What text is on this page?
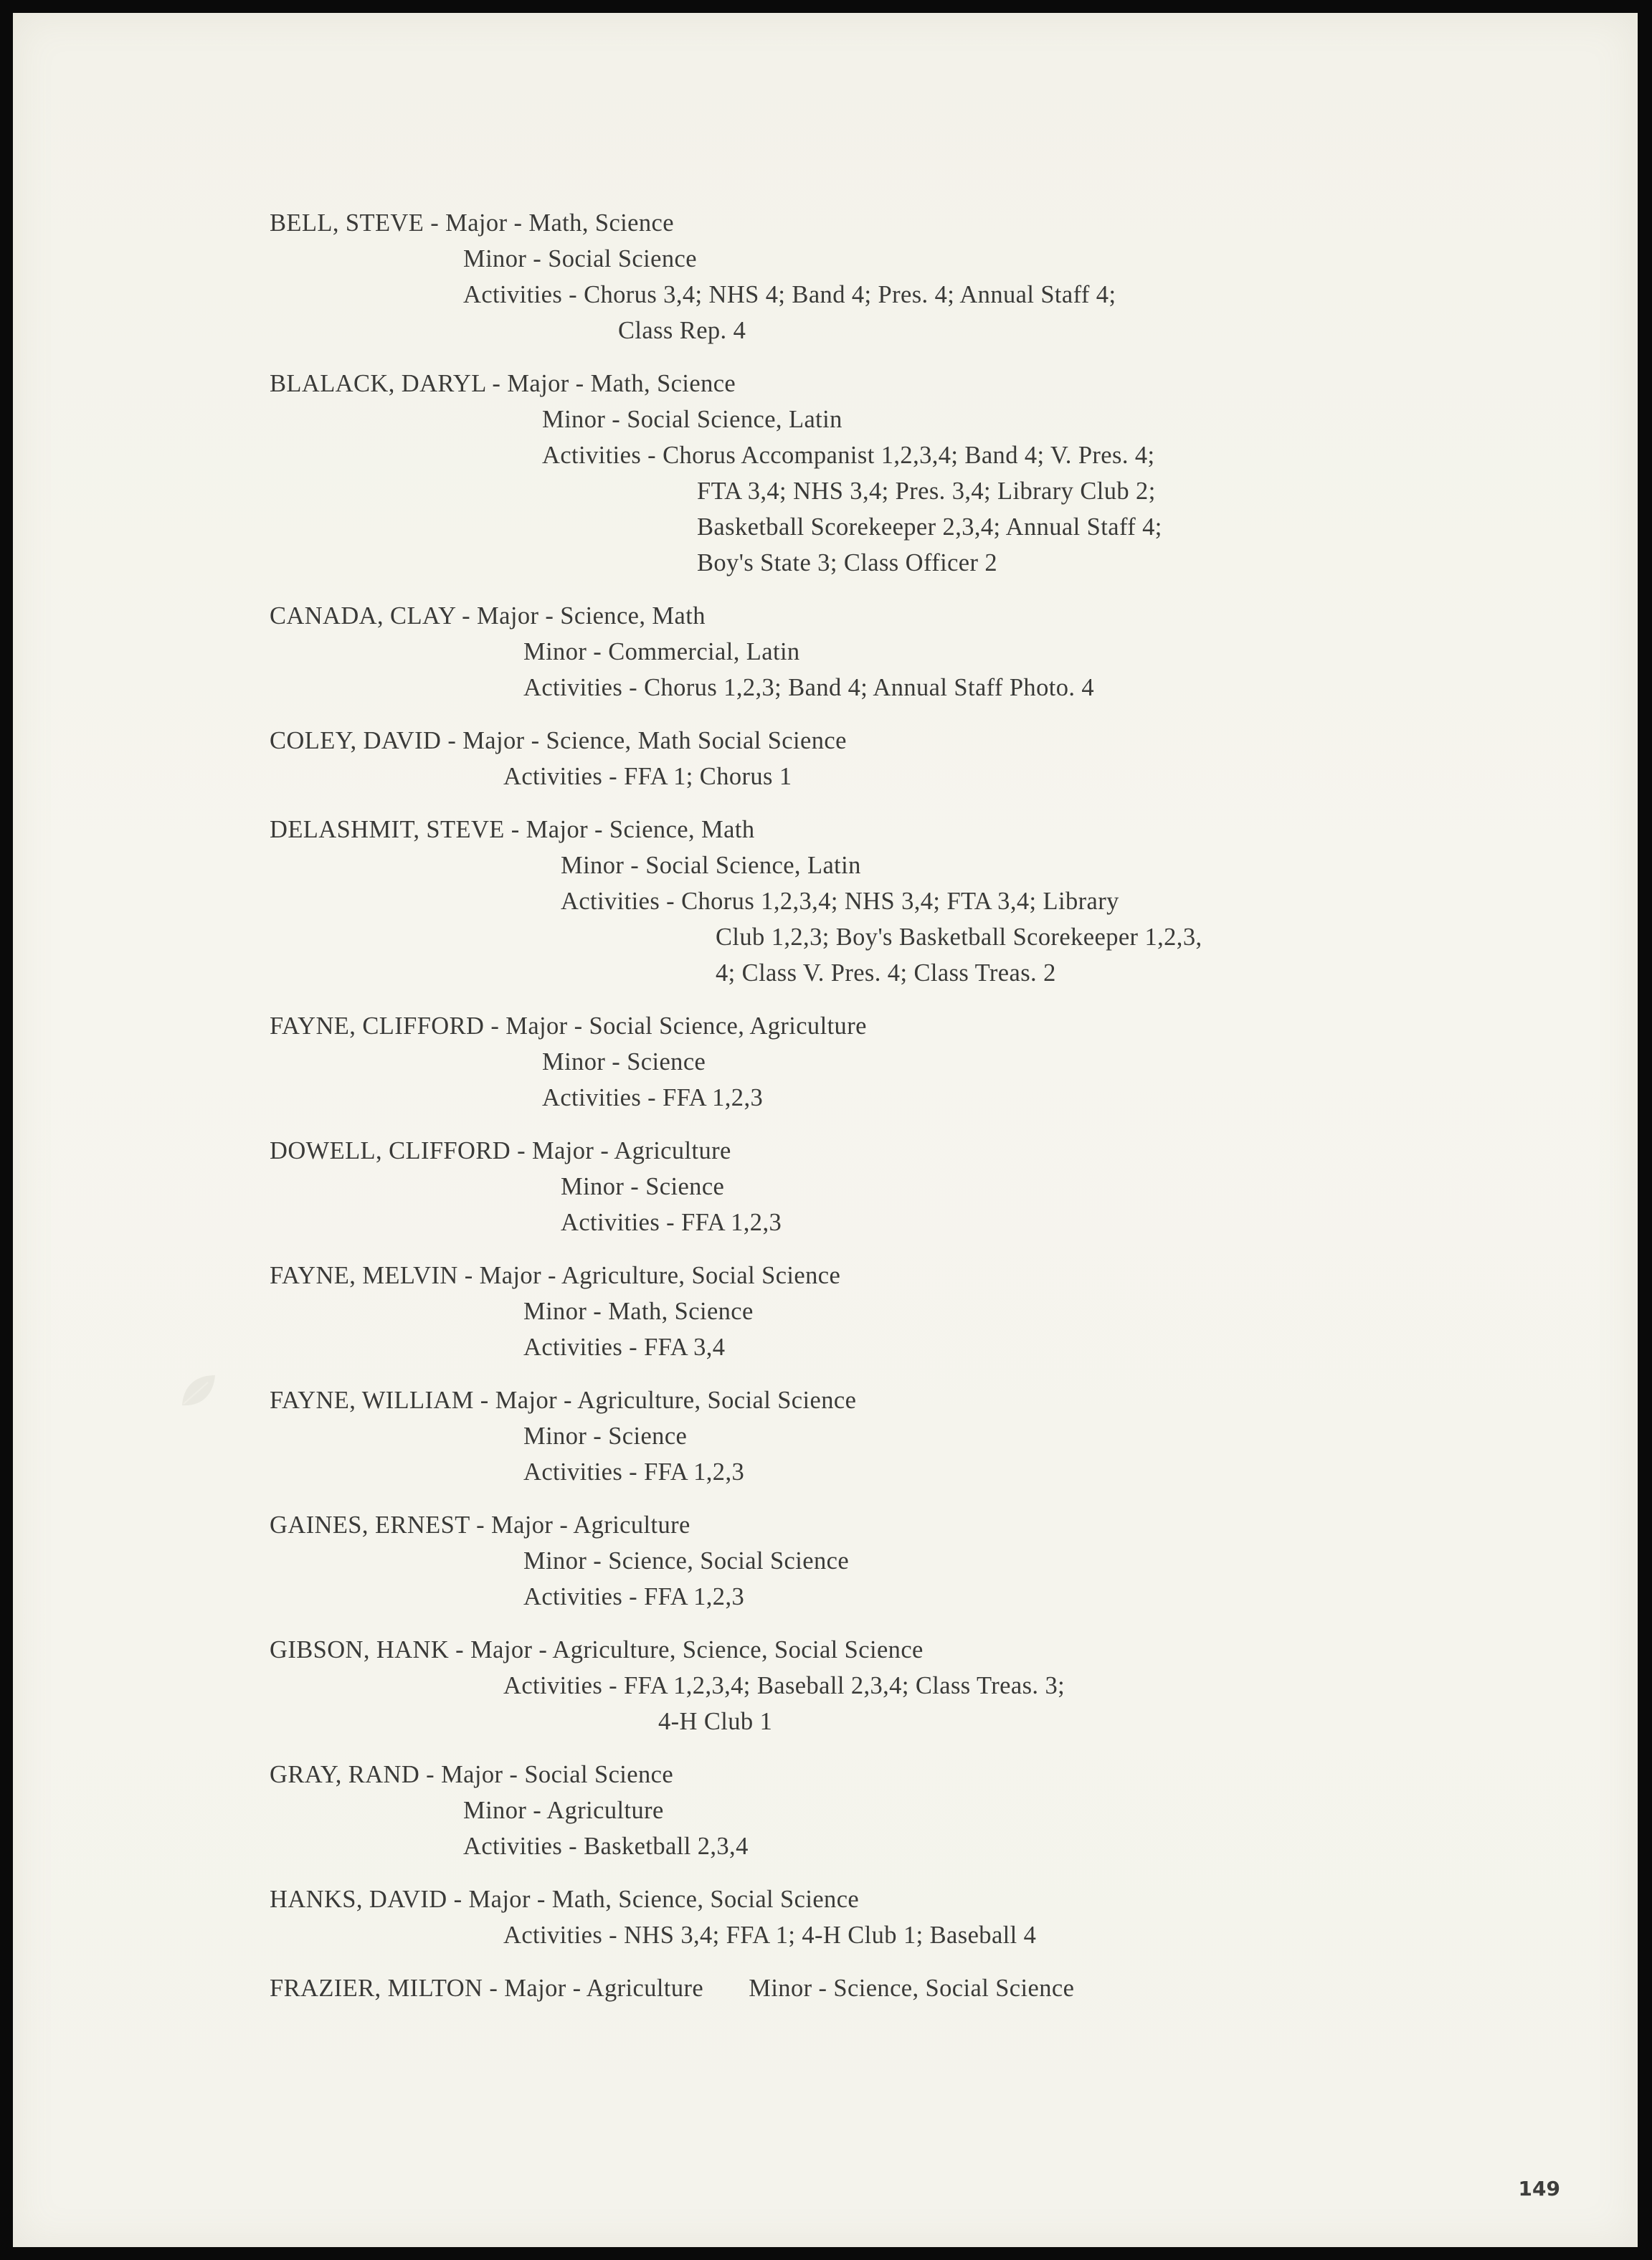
BELL, STEVE - Major - Math, Science
Minor - Social Science
Activities - Chorus 3,4; NHS 4; Band 4; Pres. 4; Annual Staff 4;
Class Rep. 4
BLALACK, DARYL - Major - Math, Science
Minor - Social Science, Latin
Activities - Chorus Accompanist 1,2,3,4; Band 4; V. Pres. 4;
FTA 3,4; NHS 3,4; Pres. 3,4; Library Club 2;
Basketball Scorekeeper 2,3,4; Annual Staff 4;
Boy's State 3; Class Officer 2
CANADA, CLAY - Major - Science, Math
Minor - Commercial, Latin
Activities - Chorus 1,2,3; Band 4; Annual Staff Photo. 4
COLEY, DAVID - Major - Science, Math Social Science
Activities - FFA 1; Chorus 1
DELASHMIT, STEVE - Major - Science, Math
Minor - Social Science, Latin
Activities - Chorus 1,2,3,4; NHS 3,4; FTA 3,4; Library
Club 1,2,3; Boy's Basketball Scorekeeper 1,2,3,
4; Class V. Pres. 4; Class Treas. 2
FAYNE, CLIFFORD - Major - Social Science, Agriculture
Minor - Science
Activities - FFA 1,2,3
DOWELL, CLIFFORD - Major - Agriculture
Minor - Science
Activities - FFA 1,2,3
FAYNE, MELVIN - Major - Agriculture, Social Science
Minor - Math, Science
Activities - FFA 3,4
FAYNE, WILLIAM - Major - Agriculture, Social Science
Minor - Science
Activities - FFA 1,2,3
GAINES, ERNEST - Major - Agriculture
Minor - Science, Social Science
Activities - FFA 1,2,3
GIBSON, HANK - Major - Agriculture, Science, Social Science
Activities - FFA 1,2,3,4; Baseball 2,3,4; Class Treas. 3;
4-H Club 1
GRAY, RAND - Major - Social Science
Minor - Agriculture
Activities - Basketball 2,3,4
HANKS, DAVID - Major - Math, Science, Social Science
Activities - NHS 3,4; FFA 1; 4-H Club 1; Baseball 4
FRAZIER, MILTON - Major - Agriculture       Minor - Science, Social Science
149
